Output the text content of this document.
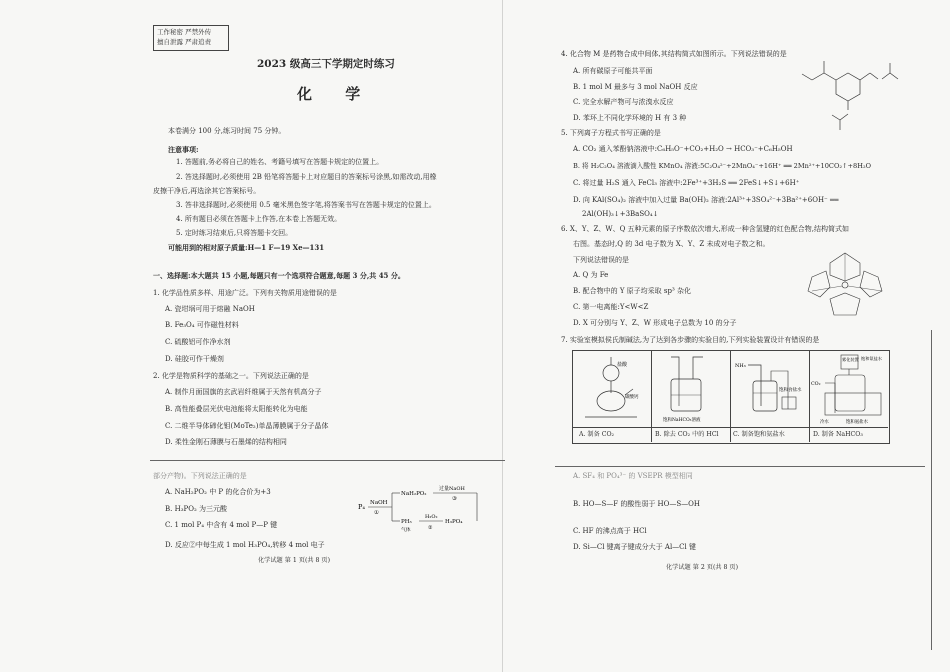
工作秘密 严禁外传
擅自泄露 严肃追责
2023 级高三下学期定时练习
化 学
本卷满分 100 分,练习时间 75 分钟。
注意事项:
1. 答题前,务必将自己的姓名、考籍号填写在答题卡规定的位置上。
2. 答选择题时,必须使用 2B 铅笔将答题卡上对应题目的答案标号涂黑,如需改动,用橡
皮擦干净后,再选涂其它答案标号。
3. 答非选择题时,必须使用 0.5 毫米黑色签字笔,将答案书写在答题卡规定的位置上。
4. 所有题目必须在答题卡上作答,在本卷上答题无效。
5. 定时练习结束后,只将答题卡交回。
可能用到的相对原子质量:H—1 F—19 Xe—131
一、选择题:本大题共 15 小题,每题只有一个选项符合题意,每题 3 分,共 45 分。
1. 化学品性质多样、用途广泛。下列有关物质用途错误的是
A. 瓷坩埚可用于熔融 NaOH
B. Fe₃O₄ 可作磁性材料
C. 硫酸铝可作净水剂
D. 硅胶可作干燥剂
2. 化学是物质科学的基础之一。下列说法正确的是
A. 制作月面国旗的玄武岩纤维属于天然有机高分子
B. 高性能叠层光伏电池能将太阳能转化为电能
C. 二维半导体碲化钼(MoTe₂)单晶薄膜属于分子晶体
D. 柔性金刚石薄膜与石墨烯的结构相同
部分产物)。下列说法正确的是
A. NaH₂PO₂ 中 P 的化合价为+3
B. H₃PO₂ 为三元酸
C. 1 mol P₄ 中含有 4 mol P—P 键
D. 反应②中每生成 1 mol H₃PO₄,转移 4 mol 电子
P₄ NaOH
①
NaH₂PO₂
过量NaOH
③
PH₃
气体
H₂O₂
②
H₃PO₄
化学试题 第 1 页(共 8 页)
4. 化合物 M 是药物合成中间体,其结构简式如图所示。下列说法错误的是
A. 所有碳原子可能共平面
B. 1 mol M 最多与 3 mol NaOH 反应
C. 完全水解产物可与浓溴水反应
D. 苯环上不同化学环境的 H 有 3 种
5. 下列离子方程式书写正确的是
A. CO₂ 通入苯酚钠溶液中:C₆H₅O⁻+CO₂+H₂O → HCO₃⁻+C₆H₅OH
B. 将 H₂C₂O₄ 溶液滴入酸性 KMnO₄ 溶液:5C₂O₄²⁻+2MnO₄⁻+16H⁺ ══ 2Mn²⁺+10CO₂↑+8H₂O
C. 将过量 H₂S 通入 FeCl₃ 溶液中:2Fe³⁺+3H₂S ══ 2FeS↓+S↓+6H⁺
D. 向 KAl(SO₄)₂ 溶液中加入过量 Ba(OH)₂ 溶液:2Al³⁺+3SO₄²⁻+3Ba²⁺+6OH⁻ ══
2Al(OH)₃↓+3BaSO₄↓
6. X、Y、Z、W、Q 五种元素的原子序数依次增大,形成一种含氢键的红色配合物,结构简式如
右图。基态时,Q 的 3d 电子数为 X、Y、Z 未成对电子数之和。
下列说法错误的是
A. Q 为 Fe
B. 配合物中的 Y 原子均采取 sp³ 杂化
C. 第一电离能:Y<W<Z
D. X 可分别与 Y、Z、W 形成电子总数为 10 的分子
7. 实验室模拟侯氏制碱法,为了达到各步骤的实验目的,下列实验装置设计有错误的是
盐酸
碳酸钙
饱和NaHCO₃溶液
NH₃
饱和食盐水
雾化装置 饱和氨盐水
CO₂
冷水	饱和氨盐水
A. 制备 CO₂	B. 除去 CO₂ 中的 HCl C. 制备饱和氨盐水	D. 制备 NaHCO₃
A. SF₄ 和 PO₄³⁻ 的 VSEPR 模型相同
B. HO—S—F 的酸性弱于 HO—S—OH
C. HF 的沸点高于 HCl
D. Si—Cl 键离子键成分大于 Al—Cl 键
化学试题 第 2 页(共 8 页)
